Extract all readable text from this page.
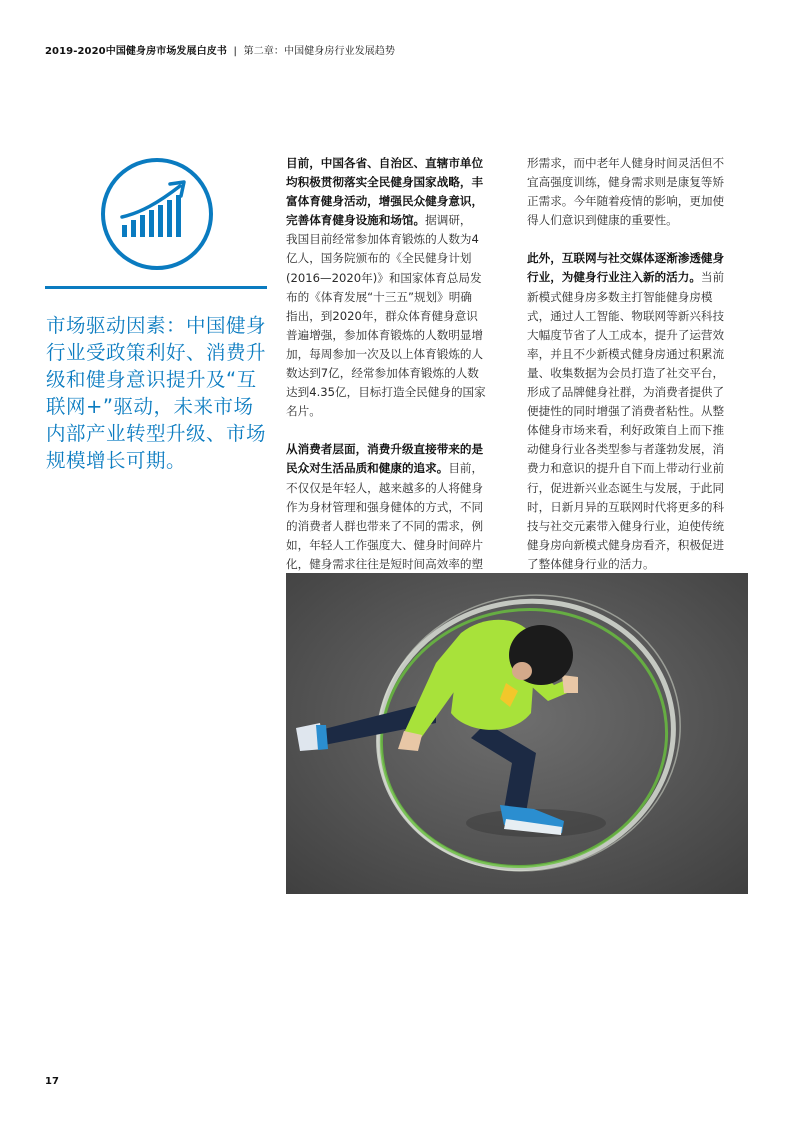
2019-2020中国健身房市场发展白皮书 | 第二章：中国健身房行业发展趋势

市场驱动因素：中国健身

行业受政策利好、消费升

级和健身意识提升及“互

联网+”驱动，未来市场

内部产业转型升级、市场

规模增长可期。

目前，中国各省、自治区、直辖市单位

均积极贯彻落实全民健身国家战略，丰

富体育健身活动，增强民众健身意识，

完善体育健身设施和场馆。据调研，

我国目前经常参加体育锻炼的人数为4

亿人，国务院颁布的《全民健身计划

(2016—2020年)》和国家体育总局发

布的《体育发展“十三五”规划》明确

指出，到2020年，群众体育健身意识

普遍增强，参加体育锻炼的人数明显增

加，每周参加一次及以上体育锻炼的人

数达到7亿，经常参加体育锻炼的人数

达到4.35亿，目标打造全民健身的国家

名片。

从消费者层面，消费升级直接带来的是

民众对生活品质和健康的追求。目前，

不仅仅是年轻人，越来越多的人将健身

作为身材管理和强身健体的方式，不同

的消费者人群也带来了不同的需求，例

如，年轻人工作强度大、健身时间碎片

化，健身需求往往是短时间高效率的塑

形需求，而中老年人健身时间灵活但不

宜高强度训练，健身需求则是康复等矫

正需求。今年随着疫情的影响，更加使

得人们意识到健康的重要性。

此外，互联网与社交媒体逐渐渗透健身

行业，为健身行业注入新的活力。当前

新模式健身房多数主打智能健身房模

式，通过人工智能、物联网等新兴科技

大幅度节省了人工成本，提升了运营效

率，并且不少新模式健身房通过积累流

量、收集数据为会员打造了社交平台，

形成了品牌健身社群，为消费者提供了

便捷性的同时增强了消费者粘性。从整

体健身市场来看，利好政策自上而下推

动健身行业各类型参与者蓬勃发展，消

费力和意识的提升自下而上带动行业前

行，促进新兴业态诞生与发展，于此同

时，日新月异的互联网时代将更多的科

技与社交元素带入健身行业，迫使传统

健身房向新模式健身房看齐，积极促进

了整体健身行业的活力。

17
